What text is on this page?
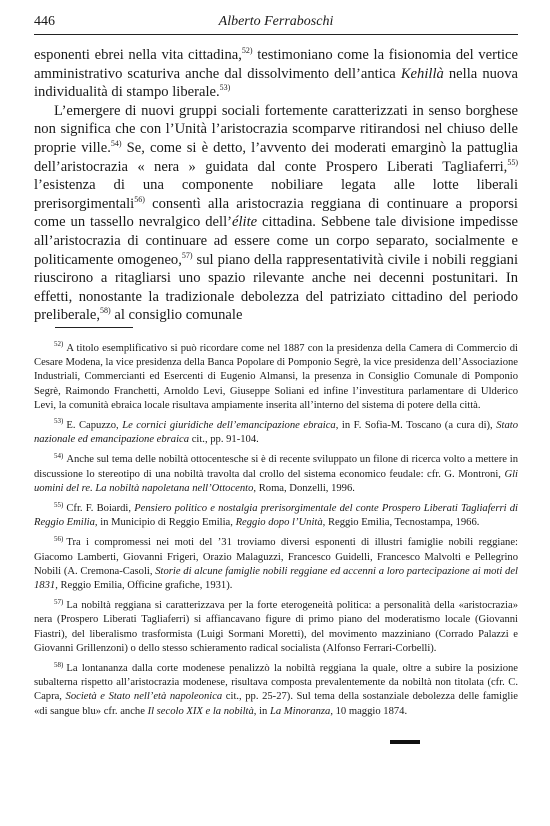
446	Alberto Ferraboschi

esponenti ebrei nella vita cittadina,$^{52)}$ testimoniano come la fisionomia del vertice amministrativo scaturiva anche dal dissolvimento dell’antica Kehillà nella nuova individualità di stampo liberale.$^{53)}$

L’emergere di nuovi gruppi sociali fortemente caratterizzati in senso borghese non significa che con l’Unità l’aristocrazia scomparve ritirandosi nel chiuso delle proprie ville.$^{54)}$ Se, come si è detto, l’avvento dei moderati emarginò la pattuglia dell’aristocrazia « nera » guidata dal conte Prospero Liberati Tagliaferri,$^{55)}$ l’esistenza di una componente nobiliare legata alle lotte liberali prerisorgimentali$^{56)}$ consentì alla aristocrazia reggiana di continuare a proporsi come un tassello nevralgico dell’élite cittadina. Sebbene tale divisione impedisse all’aristocrazia di continuare ad essere come un corpo separato, socialmente e politicamente omogeneo,$^{57)}$ sul piano della rappresentatività civile i nobili reggiani riuscirono a ritagliarsi uno spazio rilevante anche nei decenni postunitari. In effetti, nonostante la tradizionale debolezza del patriziato cittadino del periodo preliberale,$^{58)}$ al consiglio comunale

$^{52)}$ A titolo esemplificativo si può ricordare come nel 1887 con la presidenza della Camera di Commercio di Cesare Modena, la vice presidenza della Banca Popolare di Pomponio Segrè, la vice presidenza dell’Associazione Industriali, Commercianti ed Esercenti di Eugenio Almansi, la presenza in Consiglio Comunale di Pomponio Segrè, Raimondo Franchetti, Arnoldo Levi, Giuseppe Soliani ed infine l’investitura parlamentare di Ulderico Levi, la comunità ebraica locale risultava ampiamente inserita all’interno del sistema di potere della città.

$^{53)}$ E. Capuzzo, Le cornici giuridiche dell’emancipazione ebraica, in F. Sofia-M. Toscano (a cura di), Stato nazionale ed emancipazione ebraica cit., pp. 91-104.

$^{54)}$ Anche sul tema delle nobiltà ottocentesche si è di recente sviluppato un filone di ricerca volto a mettere in discussione lo stereotipo di una nobiltà travolta dal crollo del sistema economico feudale: cfr. G. Montroni, Gli uomini del re. La nobiltà napoletana nell’Ottocento, Roma, Donzelli, 1996.

$^{55)}$ Cfr. F. Boiardi, Pensiero politico e nostalgia prerisorgimentale del conte Prospero Liberati Tagliaferri di Reggio Emilia, in Municipio di Reggio Emilia, Reggio dopo l’Unità, Reggio Emilia, Tecnostampa, 1966.

$^{56)}$ Tra i compromessi nei moti del ’31 troviamo diversi esponenti di illustri famiglie nobili reggiane: Giacomo Lamberti, Giovanni Frigeri, Orazio Malaguzzi, Francesco Guidelli, Francesco Malvolti e Pellegrino Nobili (A. Cremona-Casoli, Storie di alcune famiglie nobili reggiane ed accenni a loro partecipazione ai moti del 1831, Reggio Emilia, Officine grafiche, 1931).

$^{57)}$ La nobiltà reggiana si caratterizzava per la forte eterogeneità politica: a personalità della «aristocrazia» nera (Prospero Liberati Tagliaferri) si affiancavano figure di primo piano del moderatismo locale (Giovanni Fiastri), del liberalismo trasformista (Luigi Sormani Moretti), del movimento mazziniano (Corrado Palazzi e Giovanni Grillenzoni) o dello stesso schieramento radical socialista (Alfonso Ferrari-Corbelli).

$^{58)}$ La lontananza dalla corte modenese penalizzò la nobiltà reggiana la quale, oltre a subire la posizione subalterna rispetto all’aristocrazia modenese, risultava composta prevalentemente da nobiltà non titolata (cfr. C. Capra, Società e Stato nell’età napoleonica cit., pp. 25-27). Sul tema della sostanziale debolezza delle famiglie «di sangue blu» cfr. anche Il secolo XIX e la nobiltà, in La Minoranza, 10 maggio 1874.
